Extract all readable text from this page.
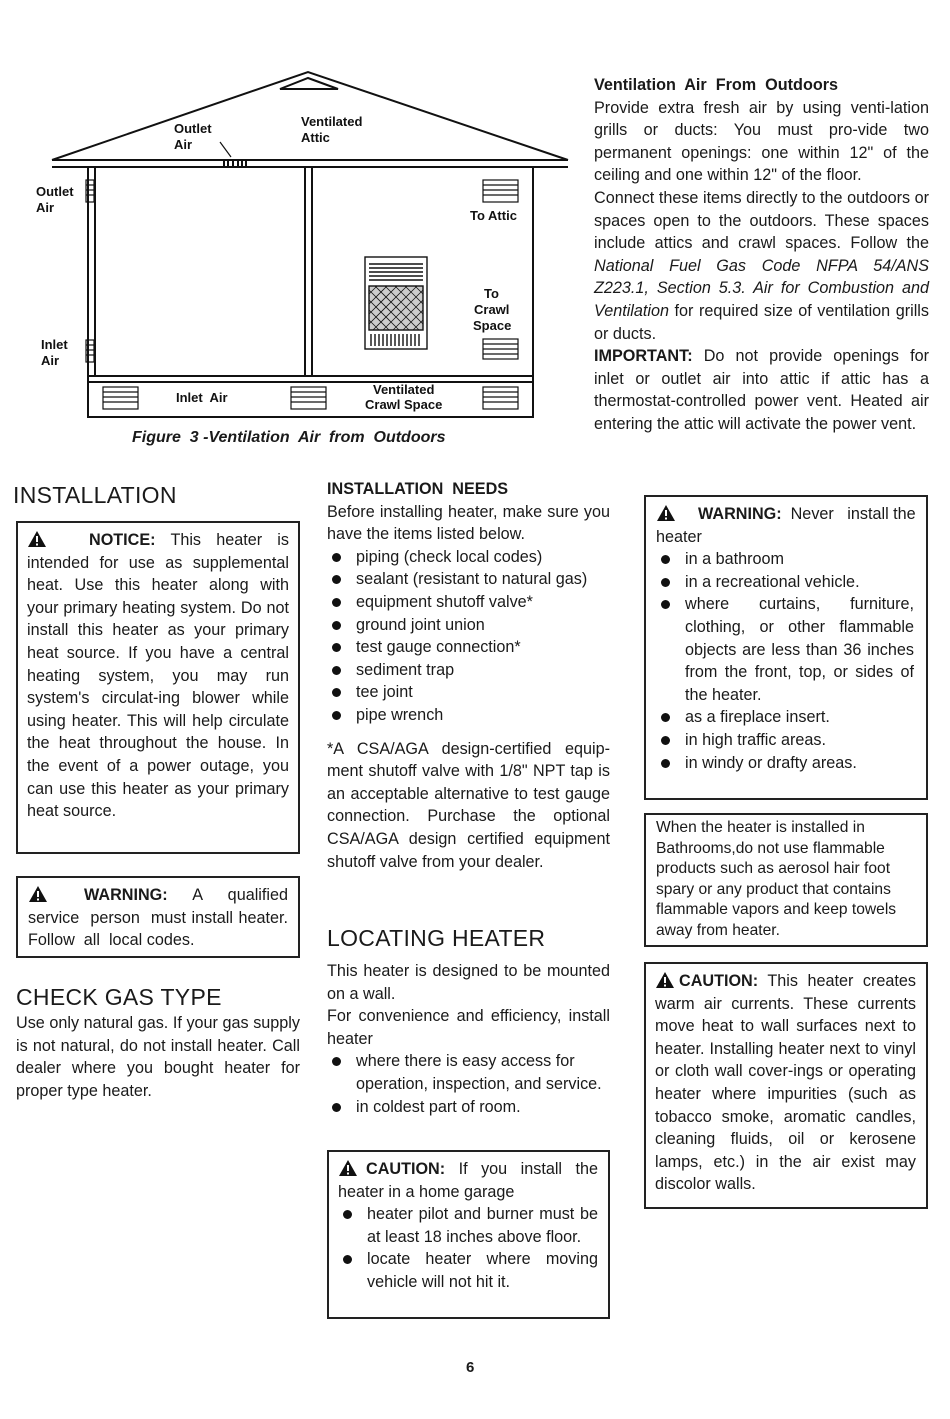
Outlet
Air
Ventilated
Attic
Outlet
Air
Inlet
Air
To Attic
To
Crawl
Space
Inlet  Air
Ventilated
Crawl Space
Figure  3 -Ventilation  Air  from  Outdoors
Ventilation  Air  From  Outdoors

Provide extra fresh air by using venti-lation grills or ducts: You must pro-vide two permanent openings: one within 12" of the ceiling and one within 12" of the floor.

Connect these items directly to the outdoors or spaces open to the outdoors. These spaces include attics and crawl spaces. Follow the National Fuel Gas Code NFPA 54/ANS Z223.1, Section 5.3. Air for Combustion and Ventilation for required size of ventilation grills or ducts.

IMPORTANT: Do not provide openings for inlet or outlet air into attic if attic has a thermostat-controlled power vent. Heated air entering the attic will activate the power vent.

INSTALLATION
NOTICE: This heater is intended for use as supplemental heat. Use this heater along with your primary heating system. Do not install this heater as your primary heat source. If you have a central heating system, you may run system's circulat-ing blower while using heater. This will help circulate the heat throughout the house. In the event of a power outage, you can use this heater as your primary heat source.
WARNING:  A  qualified service  person  must install heater.  Follow  all  local codes.
CHECK GAS TYPE

Use only natural gas. If your gas supply is not natural, do not install heater. Call dealer where you bought heater for proper type heater.

INSTALLATION  NEEDS

Before installing heater, make sure you have the items listed below.

piping (check local codes)
sealant (resistant to natural gas)
equipment shutoff valve*
ground joint union
test gauge connection*
sediment trap
tee joint
pipe wrench

*A CSA/AGA design-certified equip-ment shutoff valve with 1/8" NPT tap is an acceptable alternative to test gauge connection. Purchase the optional CSA/AGA design certified equipment shutoff valve from your dealer.

LOCATING HEATER

This heater is designed to be mounted on a wall.

For convenience and efficiency, install heater

where there is easy access for operation, inspection, and service.
in coldest part of room.

CAUTION: If you install the heater in a home garage

heater pilot and burner must be at least 18 inches above floor.
locate heater where moving vehicle will not hit it.

WARNING:  Never   install the  heater

in a bathroom
in a recreational vehicle.
where curtains, furniture, clothing, or other flammable objects are less than 36 inches from the front, top, or sides of the heater.
as a fireplace insert.
in high traffic areas.
in windy or drafty areas.

When the heater is installed in Bathrooms,do not use flammable products such as aerosol hair foot spary or any product that contains flammable vapors and keep towels away from heater.

CAUTION: This heater creates warm air currents. These currents move heat to wall surfaces next to heater. Installing heater next to vinyl or cloth wall cover-ings or operating heater where impurities (such as tobacco smoke, aromatic candles, cleaning fluids, oil or kerosene lamps, etc.) in the air exist may discolor walls.
6
